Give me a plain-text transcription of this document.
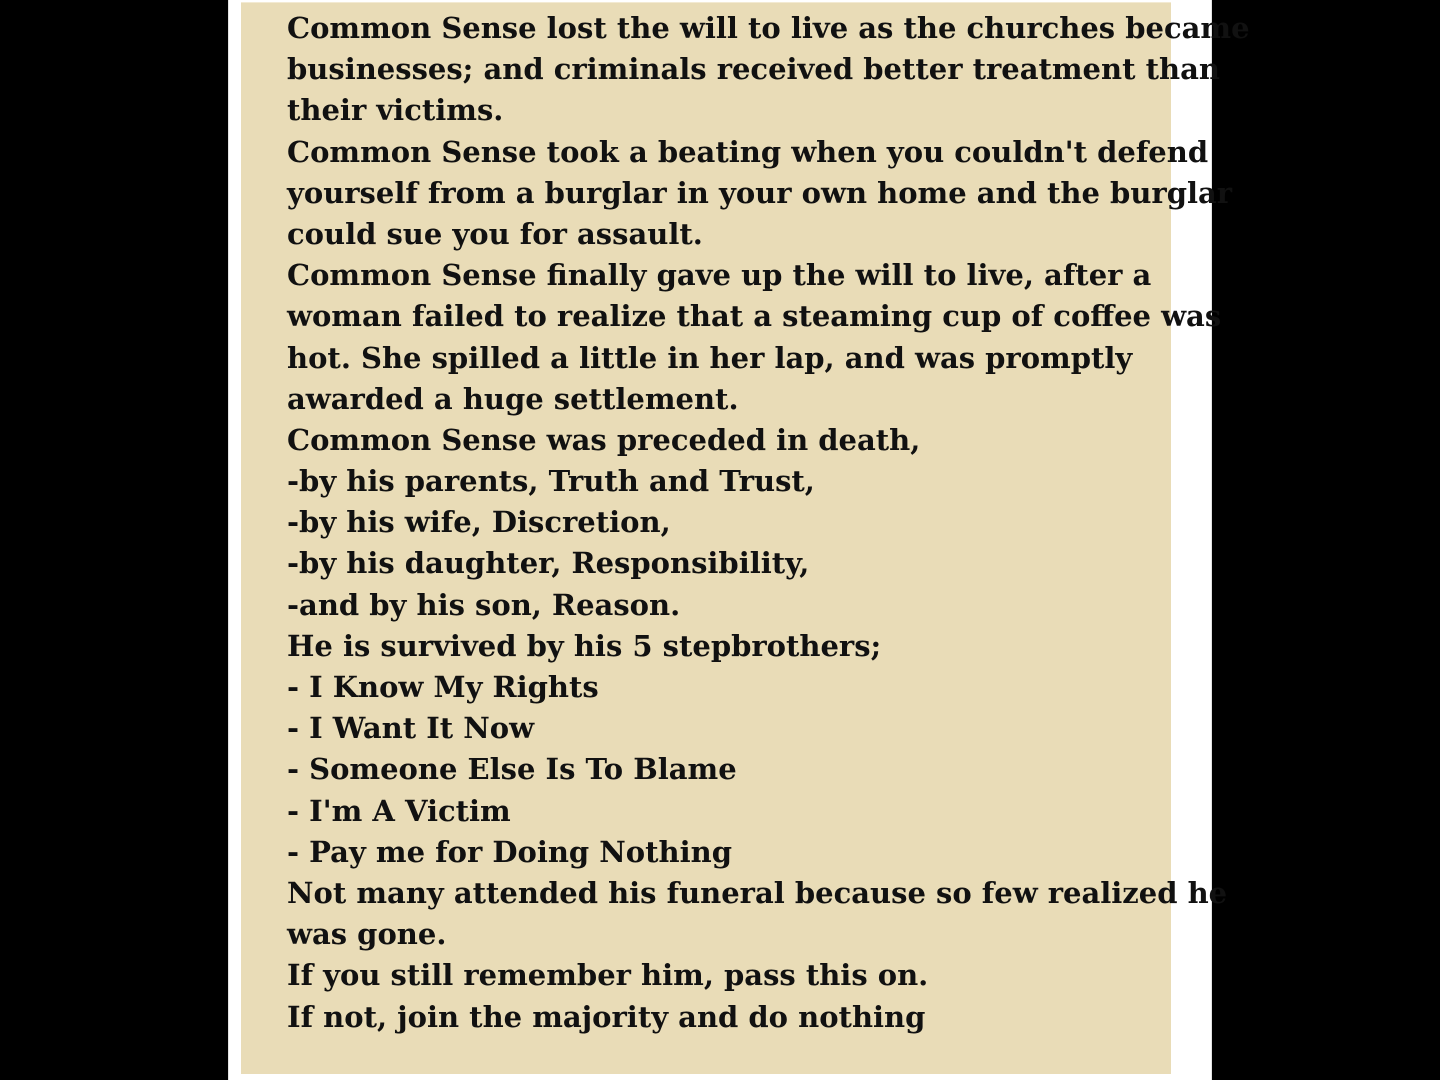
Common Sense lost the will to live as the churches became
businesses; and criminals received better treatment than
their victims.
Common Sense took a beating when you couldn't defend
yourself from a burglar in your own home and the burglar
could sue you for assault.
Common Sense finally gave up the will to live, after a
woman failed to realize that a steaming cup of coffee was
hot. She spilled a little in her lap, and was promptly
awarded a huge settlement.
Common Sense was preceded in death,
-by his parents, Truth and Trust,
-by his wife, Discretion,
-by his daughter, Responsibility,
-and by his son, Reason.
He is survived by his 5 stepbrothers;
- I Know My Rights
- I Want It Now
- Someone Else Is To Blame
- I'm A Victim
- Pay me for Doing Nothing
Not many attended his funeral because so few realized he
was gone.
If you still remember him, pass this on.
If not, join the majority and do nothing
